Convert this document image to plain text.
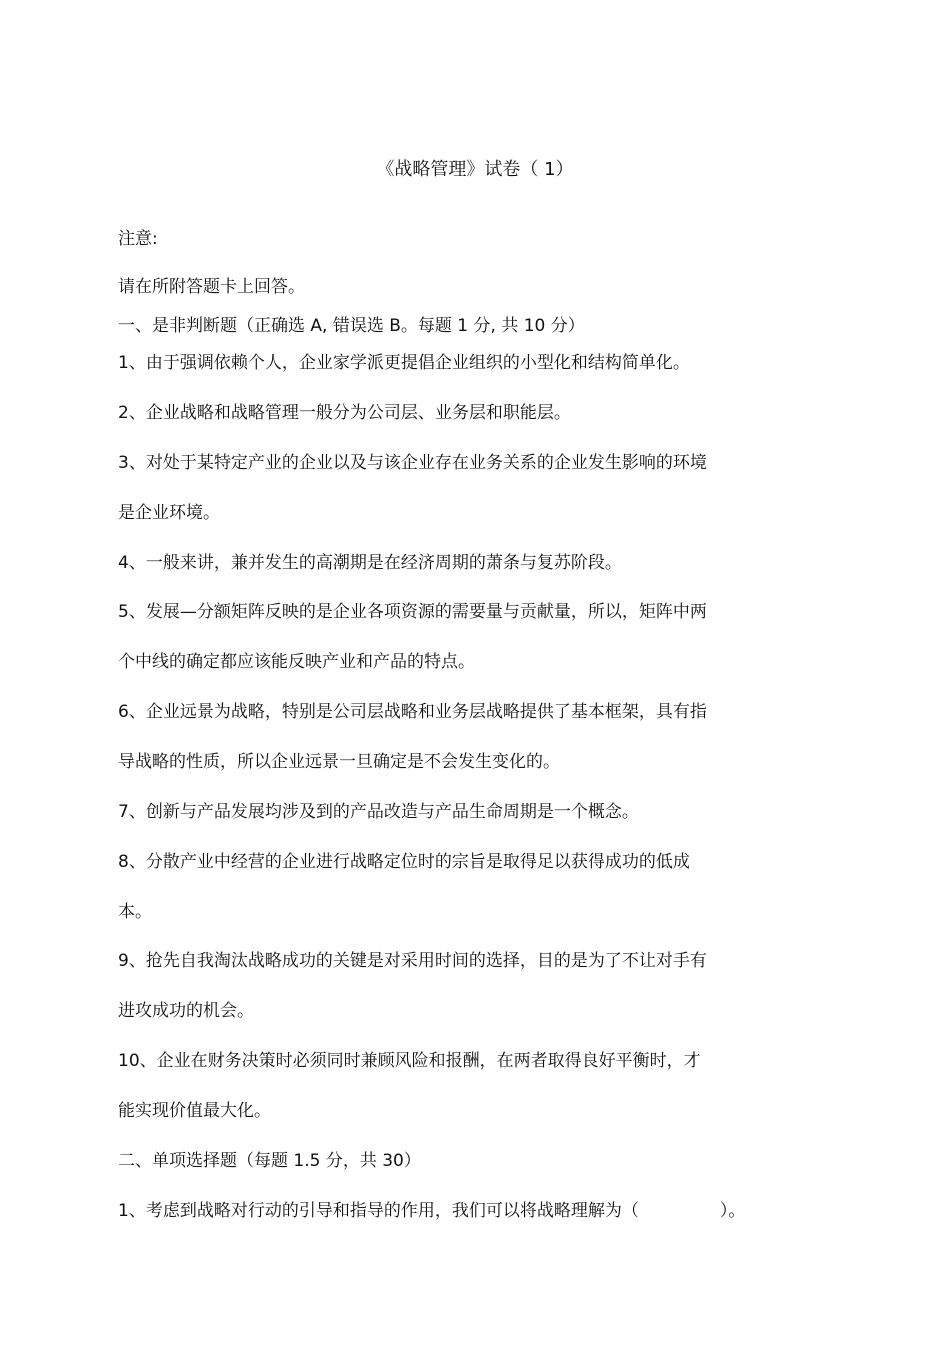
《战略管理》试卷（ 1）
注意:
请在所附答题卡上回答。
一、是非判断题（正确选 A, 错误选 B。每题 1 分, 共 10 分）
1、由于强调依赖个人，企业家学派更提倡企业组织的小型化和结构简单化。
2、企业战略和战略管理一般分为公司层、业务层和职能层。
3、对处于某特定产业的企业以及与该企业存在业务关系的企业发生影响的环境
是企业环境。
4、一般来讲，兼并发生的高潮期是在经济周期的萧条与复苏阶段。
5、发展—分额矩阵反映的是企业各项资源的需要量与贡献量，所以，矩阵中两
个中线的确定都应该能反映产业和产品的特点。
6、企业远景为战略，特别是公司层战略和业务层战略提供了基本框架，具有指
导战略的性质，所以企业远景一旦确定是不会发生变化的。
7、创新与产品发展均涉及到的产品改造与产品生命周期是一个概念。
8、分散产业中经营的企业进行战略定位时的宗旨是取得足以获得成功的低成
本。
9、抢先自我淘汰战略成功的关键是对采用时间的选择，目的是为了不让对手有
进攻成功的机会。
10、企业在财务决策时必须同时兼顾风险和报酬，在两者取得良好平衡时，才
能实现价值最大化。
二、单项选择题（每题 1.5 分，共 30）
1、考虑到战略对行动的引导和指导的作用，我们可以将战略理解为（               ）。
